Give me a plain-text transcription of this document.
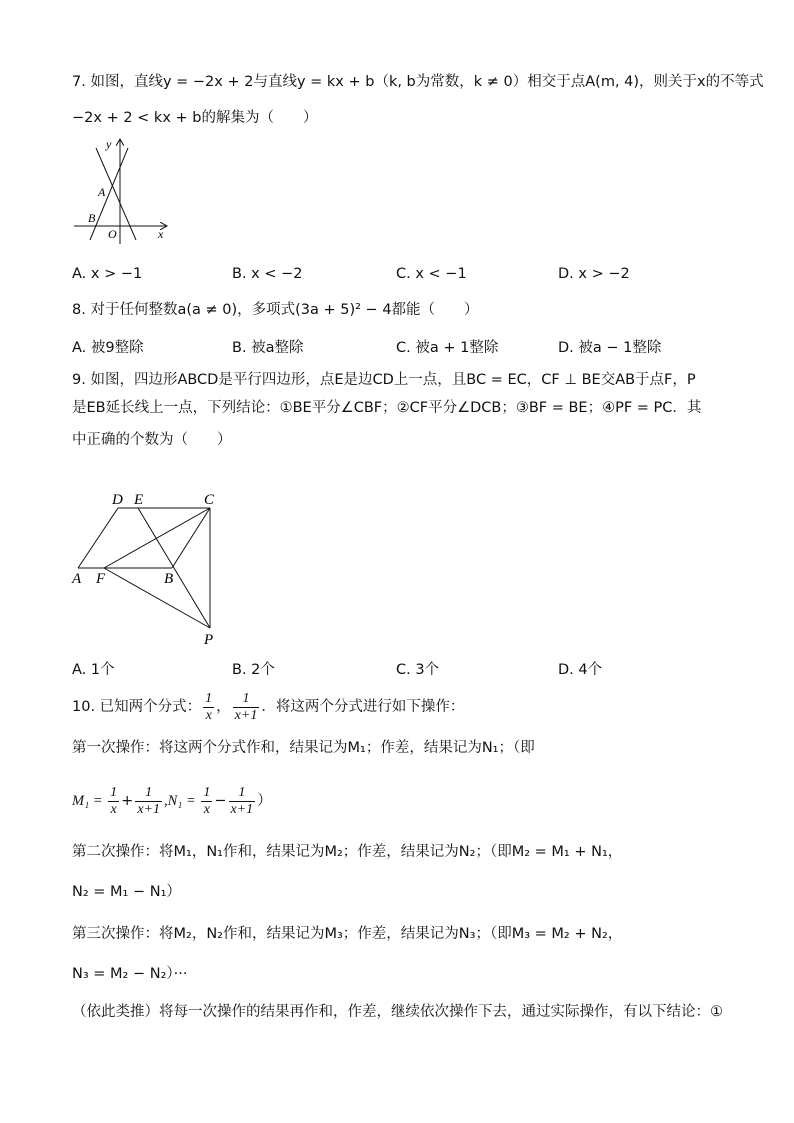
7. 如图，直线y = −2x + 2与直线y = kx + b（k, b为常数，k ≠ 0）相交于点A(m, 4)，则关于x的不等式
−2x + 2 < kx + b的解集为（　　）
y
x
A
B
O
A. x > −1	B. x < −2	C. x < −1	D. x > −2
8. 对于任何整数a(a ≠ 0)，多项式(3a + 5)² − 4都能（　　）
A. 被9整除	B. 被a整除	C. 被a + 1整除	D. 被a − 1整除
9. 如图，四边形ABCD是平行四边形，点E是边CD上一点，且BC = EC，CF ⊥ BE交AB于点F，P
是EB延长线上一点，下列结论：①BE平分∠CBF；②CF平分∠DCB；③BF = BE；④PF = PC．其
中正确的个数为（　　）
D E	C
A F	B
P
A. 1个	B. 2个	C. 3个	D. 4个
10. 已知两个分式： $\frac{1}{x}$ ， $\frac{1}{x+1}$ ．将这两个分式进行如下操作：
第一次操作：将这两个分式作和，结果记为M₁；作差，结果记为N₁；（即
$M_1 = \frac{1}{x} + \frac{1}{x+1} ,N_1 = \frac{1}{x} - \frac{1}{x+1}$ ）
第二次操作：将M₁，N₁作和，结果记为M₂；作差，结果记为N₂；（即M₂ = M₁ + N₁，
N₂ = M₁ − N₁）
第三次操作：将M₂，N₂作和，结果记为M₃；作差，结果记为N₃；（即M₃ = M₂ + N₂，
N₃ = M₂ − N₂）···
（依此类推）将每一次操作的结果再作和，作差，继续依次操作下去，通过实际操作，有以下结论：①
